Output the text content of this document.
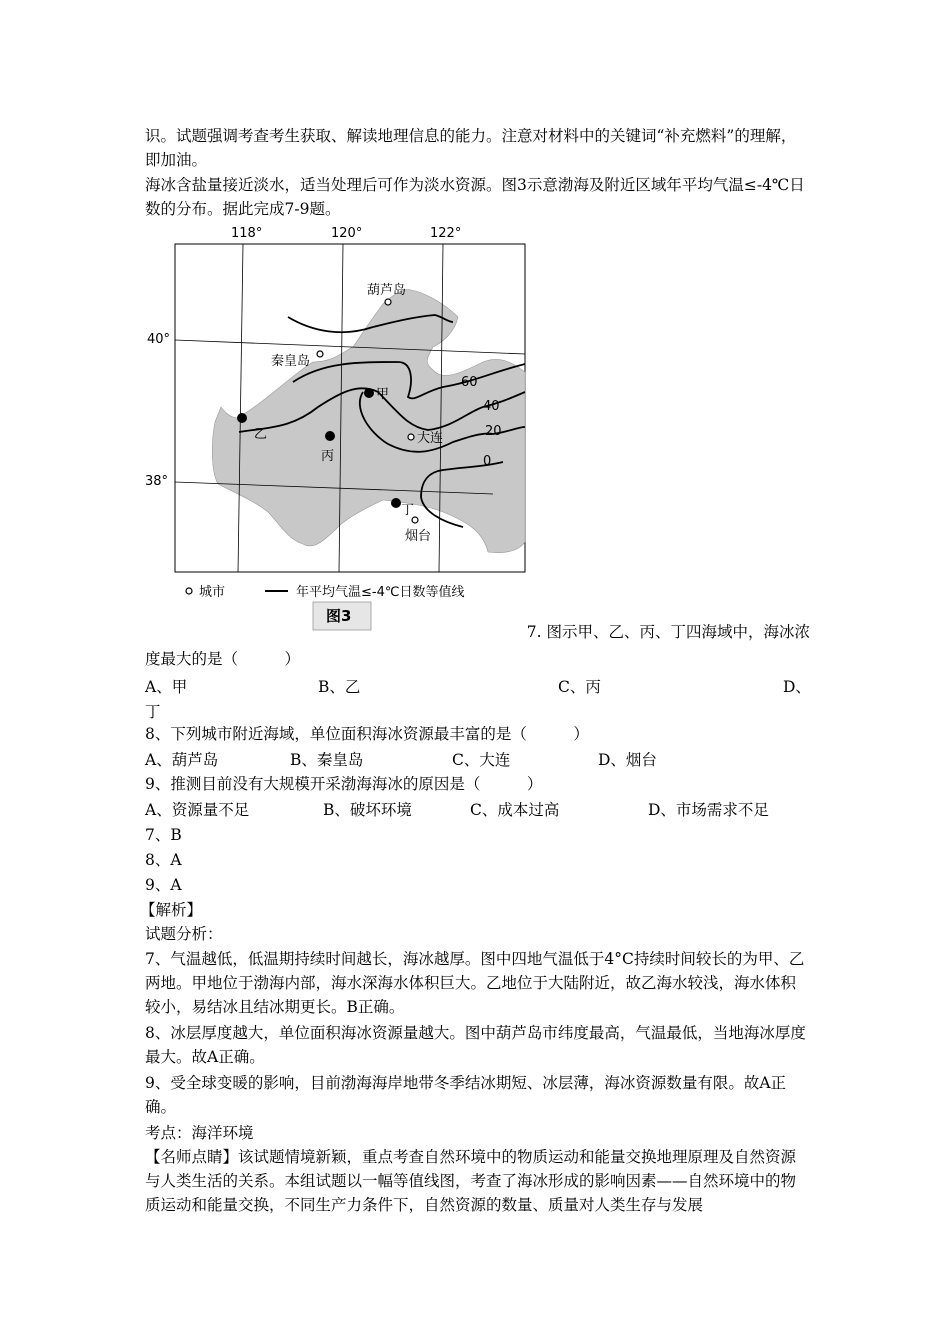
识。试题强调考查考生获取、解读地理信息的能力。注意对材料中的关键词“补充燃料”的理解，即加油。

海冰含盐量接近淡水，适当处理后可作为淡水资源。图3示意渤海及附近区域年平均气温≤-4℃日数的分布。据此完成7-9题。

60
40
20
0
118°	120°	122°
40°
38°
葫芦岛
秦皇岛
大连
烟台
甲
乙
丙
丁
城市	年平均气温≤-4℃日数等值线
图3
7. 图示甲、乙、丙、丁四海域中，海冰浓
度最大的是（　　　）
A、甲	B、乙	C、丙	D、
丁
8、下列城市附近海域，单位面积海冰资源最丰富的是（　　　）
A、葫芦岛	B、秦皇岛	C、大连	D、烟台
9、推测目前没有大规模开采渤海海冰的原因是（　　　）
A、资源量不足	B、破坏环境	C、成本过高	D、市场需求不足
7、B
8、A
9、A
【解析】
试题分析：

7、气温越低，低温期持续时间越长，海冰越厚。图中四地气温低于4°C持续时间较长的为甲、乙两地。甲地位于渤海内部，海水深海水体积巨大。乙地位于大陆附近，故乙海水较浅，海水体积较小，易结冰且结冰期更长。B正确。

8、冰层厚度越大，单位面积海冰资源量越大。图中葫芦岛市纬度最高，气温最低，当地海冰厚度最大。故A正确。

9、受全球变暖的影响，目前渤海海岸地带冬季结冰期短、冰层薄，海冰资源数量有限。故A正确。

考点：海洋环境

【名师点睛】该试题情境新颖，重点考查自然环境中的物质运动和能量交换地理原理及自然资源与人类生活的关系。本组试题以一幅等值线图，考查了海冰形成的影响因素——自然环境中的物质运动和能量交换，不同生产力条件下，自然资源的数量、质量对人类生存与发展
